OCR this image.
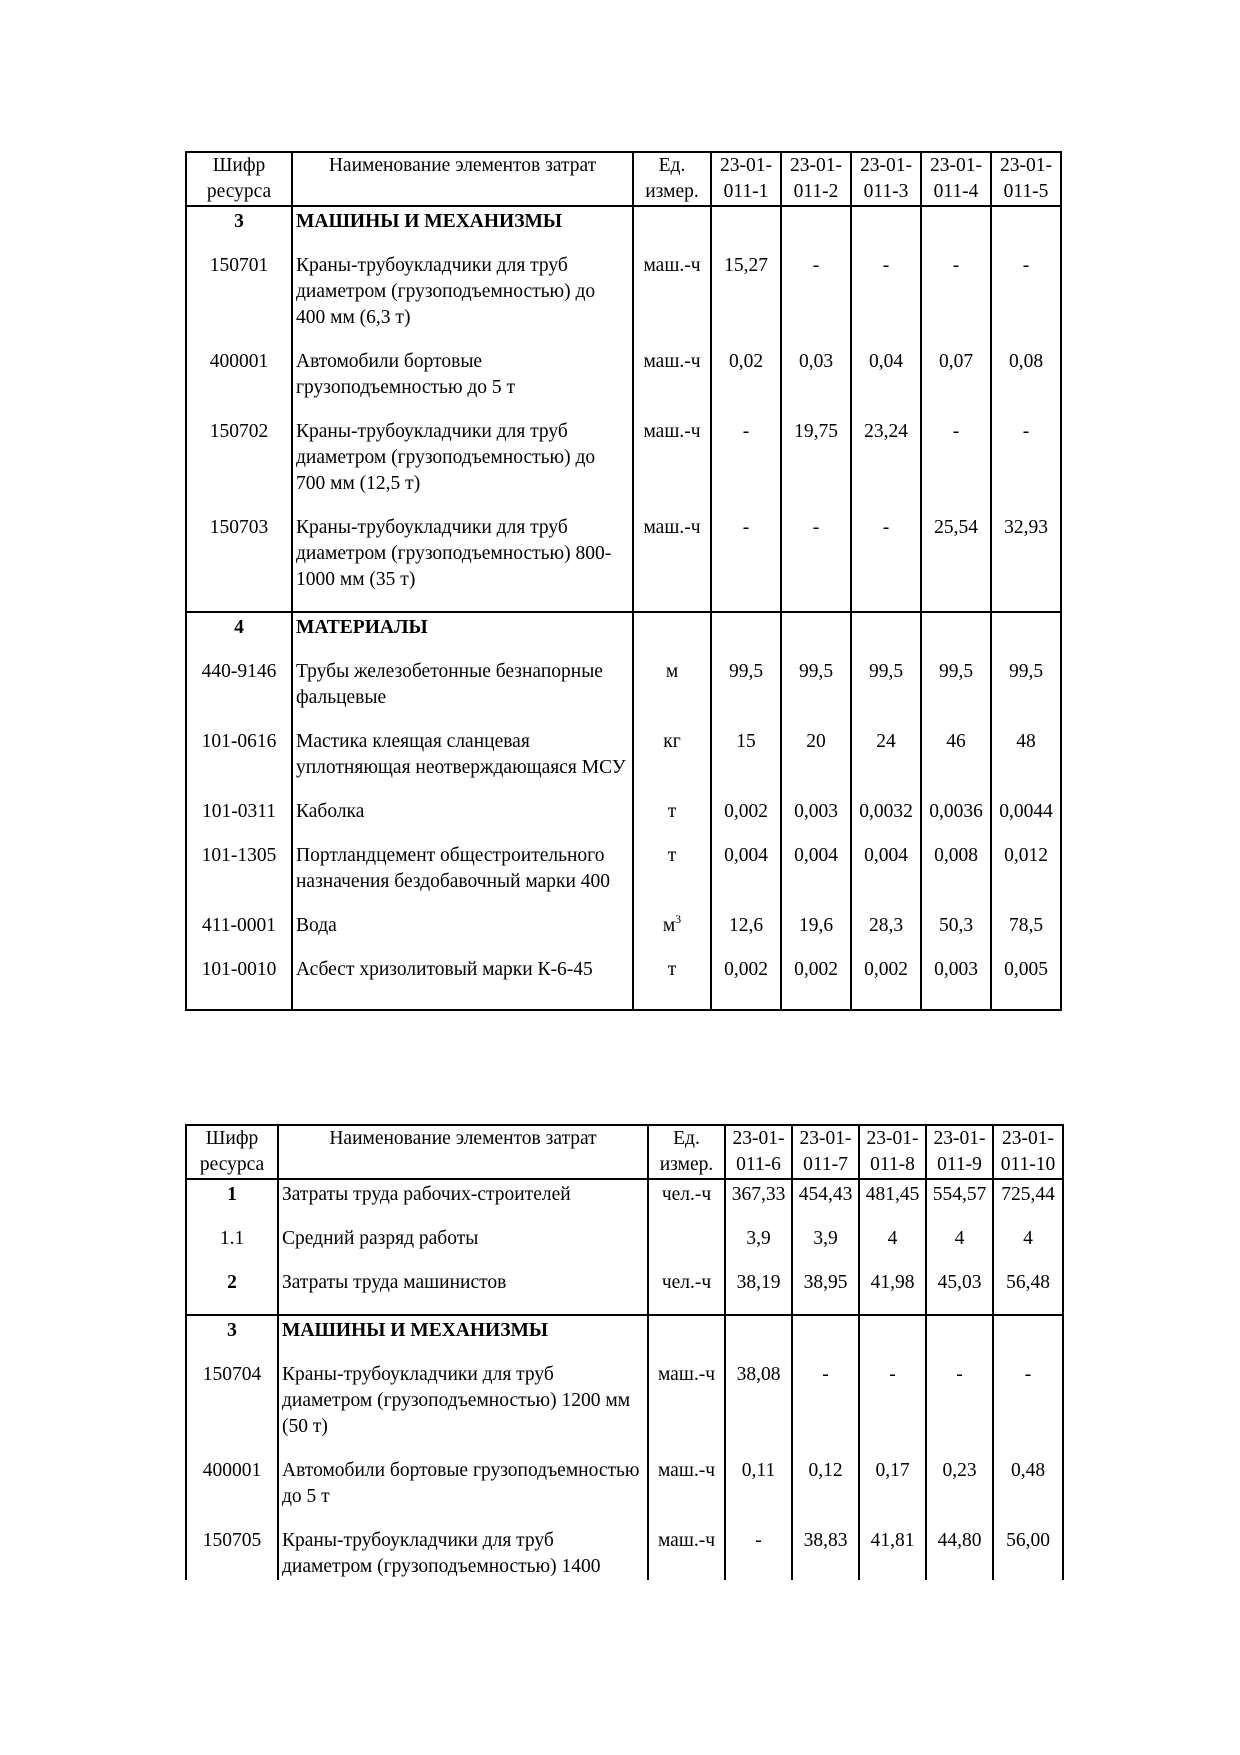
Шифр ресурса	Наименование элементов затрат	Ед. измер.	23-01-011-1	23-01-011-2	23-01-011-3	23-01-011-4	23-01-011-5
3	МАШИНЫ И МЕХАНИЗМЫ						
150701	Краны-трубоукладчики для труб диаметром (грузоподъемностью) до 400 мм (6,3 т)	маш.-ч	15,27	-	-	-	-
400001	Автомобили бортовые грузоподъемностью до 5 т	маш.-ч	0,02	0,03	0,04	0,07	0,08
150702	Краны-трубоукладчики для труб диаметром (грузоподъемностью) до 700 мм (12,5 т)	маш.-ч	-	19,75	23,24	-	-
150703	Краны-трубоукладчики для труб диаметром (грузоподъемностью) 800-1000 мм (35 т)	маш.-ч	-	-	-	25,54	32,93
4	МАТЕРИАЛЫ						
440-9146	Трубы железобетонные безнапорные фальцевые	м	99,5	99,5	99,5	99,5	99,5
101-0616	Мастика клеящая сланцевая уплотняющая неотверждающаяся МСУ	кг	15	20	24	46	48
101-0311	Каболка	т	0,002	0,003	0,0032	0,0036	0,0044
101-1305	Портландцемент общестроительного назначения бездобавочный марки 400	т	0,004	0,004	0,004	0,008	0,012
411-0001	Вода	$м^3$	12,6	19,6	28,3	50,3	78,5
101-0010	Асбест хризолитовый марки К-6-45	т	0,002	0,002	0,002	0,003	0,005
Шифр ресурса	Наименование элементов затрат	Ед. измер.	23-01-011-6	23-01-011-7	23-01-011-8	23-01-011-9	23-01-011-10
1	Затраты труда рабочих-строителей	чел.-ч	367,33	454,43	481,45	554,57	725,44
1.1	Средний разряд работы		3,9	3,9	4	4	4
2	Затраты труда машинистов	чел.-ч	38,19	38,95	41,98	45,03	56,48
3	МАШИНЫ И МЕХАНИЗМЫ						
150704	Краны-трубоукладчики для труб диаметром (грузоподъемностью) 1200 мм (50 т)	маш.-ч	38,08	-	-	-	-
400001	Автомобили бортовые грузоподъемностью до 5 т	маш.-ч	0,11	0,12	0,17	0,23	0,48
150705	Краны-трубоукладчики для труб диаметром (грузоподъемностью) 1400	маш.-ч	-	38,83	41,81	44,80	56,00
